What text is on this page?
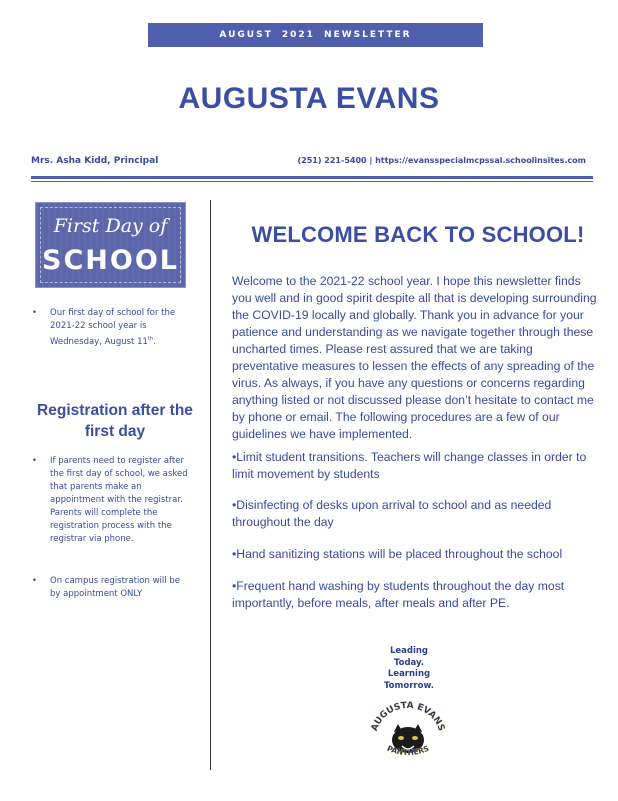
AUGUST 2021 NEWSLETTER
AUGUSTA EVANS
Mrs. Asha Kidd, Principal	(251) 221-5400 | https://evansspecialmcpssal.schoolinsites.com
First Day of
SCHOOL
• Our first day of school for the 2021-22 school year is Wednesday, August 11th.
Registration after the first day
• If parents need to register after the first day of school, we asked that parents make an appointment with the registrar. Parents will complete the registration process with the registrar via phone.
• On campus registration will be by appointment ONLY
WELCOME BACK TO SCHOOL!

Welcome to the 2021-22 school year. I hope this newsletter finds you well and in good spirit despite all that is developing surrounding the COVID-19 locally and globally. Thank you in advance for your patience and understanding as we navigate together through these uncharted times. Please rest assured that we are taking preventative measures to lessen the effects of any spreading of the virus. As always, if you have any questions or concerns regarding anything listed or not discussed please don’t hesitate to contact me by phone or email. The following procedures are a few of our guidelines we have implemented.

•Limit student transitions. Teachers will change classes in order to limit movement by students

•Disinfecting of desks upon arrival to school and as needed throughout the day

•Hand sanitizing stations will be placed throughout the school

•Frequent hand washing by students throughout the day most importantly, before meals, after meals and after PE.

Leading
Today.
Learning
Tomorrow.
AUGUSTA EVANS
PANTHERS
